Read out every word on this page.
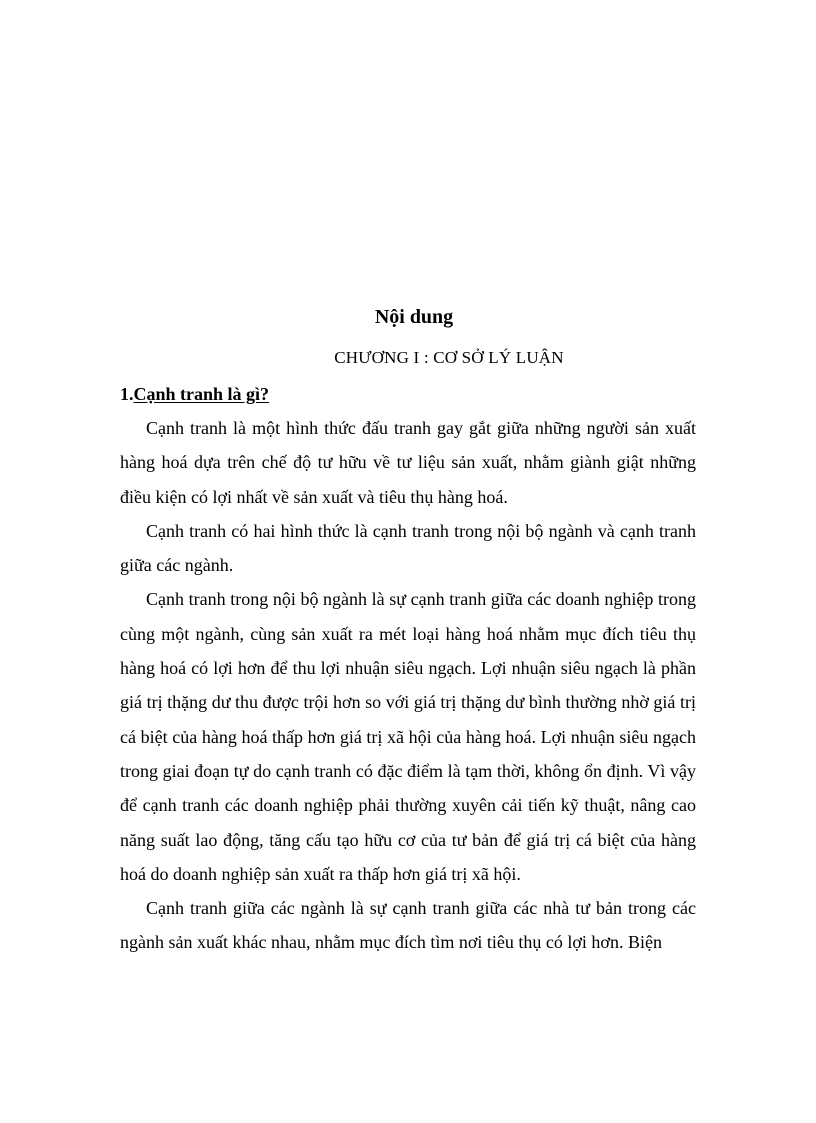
Nội dung
CHƯƠNG I : CƠ SỞ LÝ LUẬN
1.Cạnh tranh là gì?

Cạnh tranh là một hình thức đấu tranh gay gắt giữa những người sản xuất hàng hoá dựa trên chế độ tư hữu về tư liệu sản xuất, nhằm giành giật những điều kiện có lợi nhất về sản xuất và tiêu thụ hàng hoá.

Cạnh tranh có hai hình thức là cạnh tranh trong nội bộ ngành và cạnh tranh giữa các ngành.

Cạnh tranh trong nội bộ ngành là sự cạnh tranh giữa các doanh nghiệp trong cùng một ngành, cùng sản xuất ra mét loại hàng hoá nhằm mục đích tiêu thụ hàng hoá có lợi hơn để thu lợi nhuận siêu ngạch. Lợi nhuận siêu ngạch là phần giá trị thặng dư thu được trội hơn so với giá trị thặng dư bình thường nhờ giá trị cá biệt của hàng hoá thấp hơn giá trị xã hội của hàng hoá. Lợi nhuận siêu ngạch trong giai đoạn tự do cạnh tranh có đặc điểm là tạm thời, không ổn định. Vì vậy để cạnh tranh các doanh nghiệp phải thường xuyên cải tiến kỹ thuật, nâng cao năng suất lao động, tăng cấu tạo hữu cơ của tư bản để giá trị cá biệt của hàng hoá do doanh nghiệp sản xuất ra thấp hơn giá trị xã hội.

Cạnh tranh giữa các ngành là sự cạnh tranh giữa các nhà tư bản trong các ngành sản xuất khác nhau, nhằm mục đích tìm nơi tiêu thụ có lợi hơn. Biện
